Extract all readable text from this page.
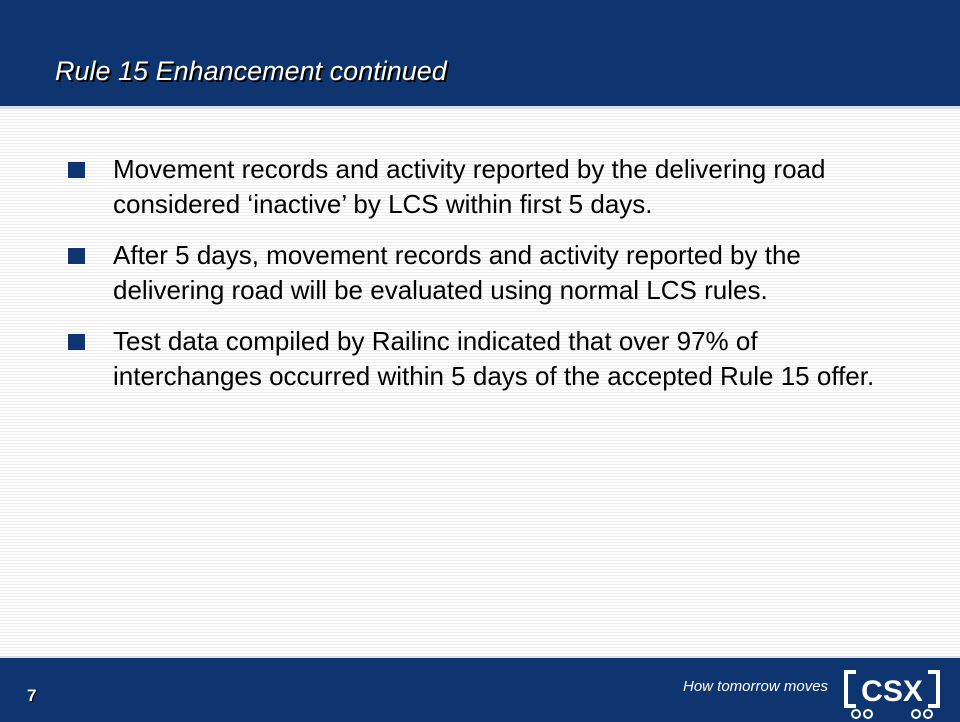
Rule 15 Enhancement continued
Movement records and activity reported by the delivering road considered ‘inactive’ by LCS within first 5 days.
After 5 days, movement records and activity reported by the delivering road will be evaluated using normal LCS rules.
Test data compiled by Railinc indicated that over 97% of interchanges occurred within 5 days of the accepted Rule 15 offer.
7	How tomorrow moves CSX
